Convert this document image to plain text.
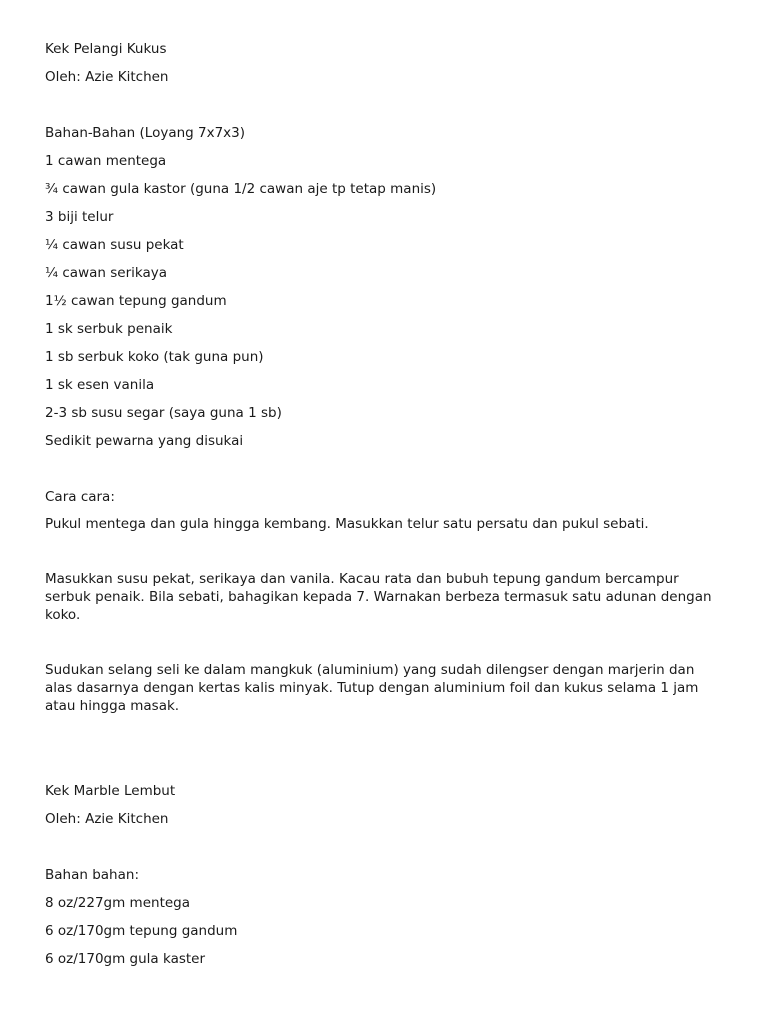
Kek Pelangi Kukus
Oleh: Azie Kitchen
Bahan-Bahan (Loyang 7x7x3)
1 cawan mentega
¾ cawan gula kastor (guna 1/2 cawan aje tp tetap manis)
3 biji telur
¼ cawan susu pekat
¼ cawan serikaya
1½ cawan tepung gandum
1 sk serbuk penaik
1 sb serbuk koko (tak guna pun)
1 sk esen vanila
2-3 sb susu segar (saya guna 1 sb)
Sedikit pewarna yang disukai
Cara cara:
Pukul mentega dan gula hingga kembang. Masukkan telur satu persatu dan pukul sebati.
Masukkan susu pekat, serikaya dan vanila. Kacau rata dan bubuh tepung gandum bercampur serbuk penaik. Bila sebati, bahagikan kepada 7. Warnakan berbeza termasuk satu adunan dengan koko.
Sudukan selang seli ke dalam mangkuk (aluminium) yang sudah dilengser dengan marjerin dan alas dasarnya dengan kertas kalis minyak. Tutup dengan aluminium foil dan kukus selama 1 jam atau hingga masak.
Kek Marble Lembut
Oleh: Azie Kitchen
Bahan bahan:
8 oz/227gm mentega
6 oz/170gm tepung gandum
6 oz/170gm gula kaster
